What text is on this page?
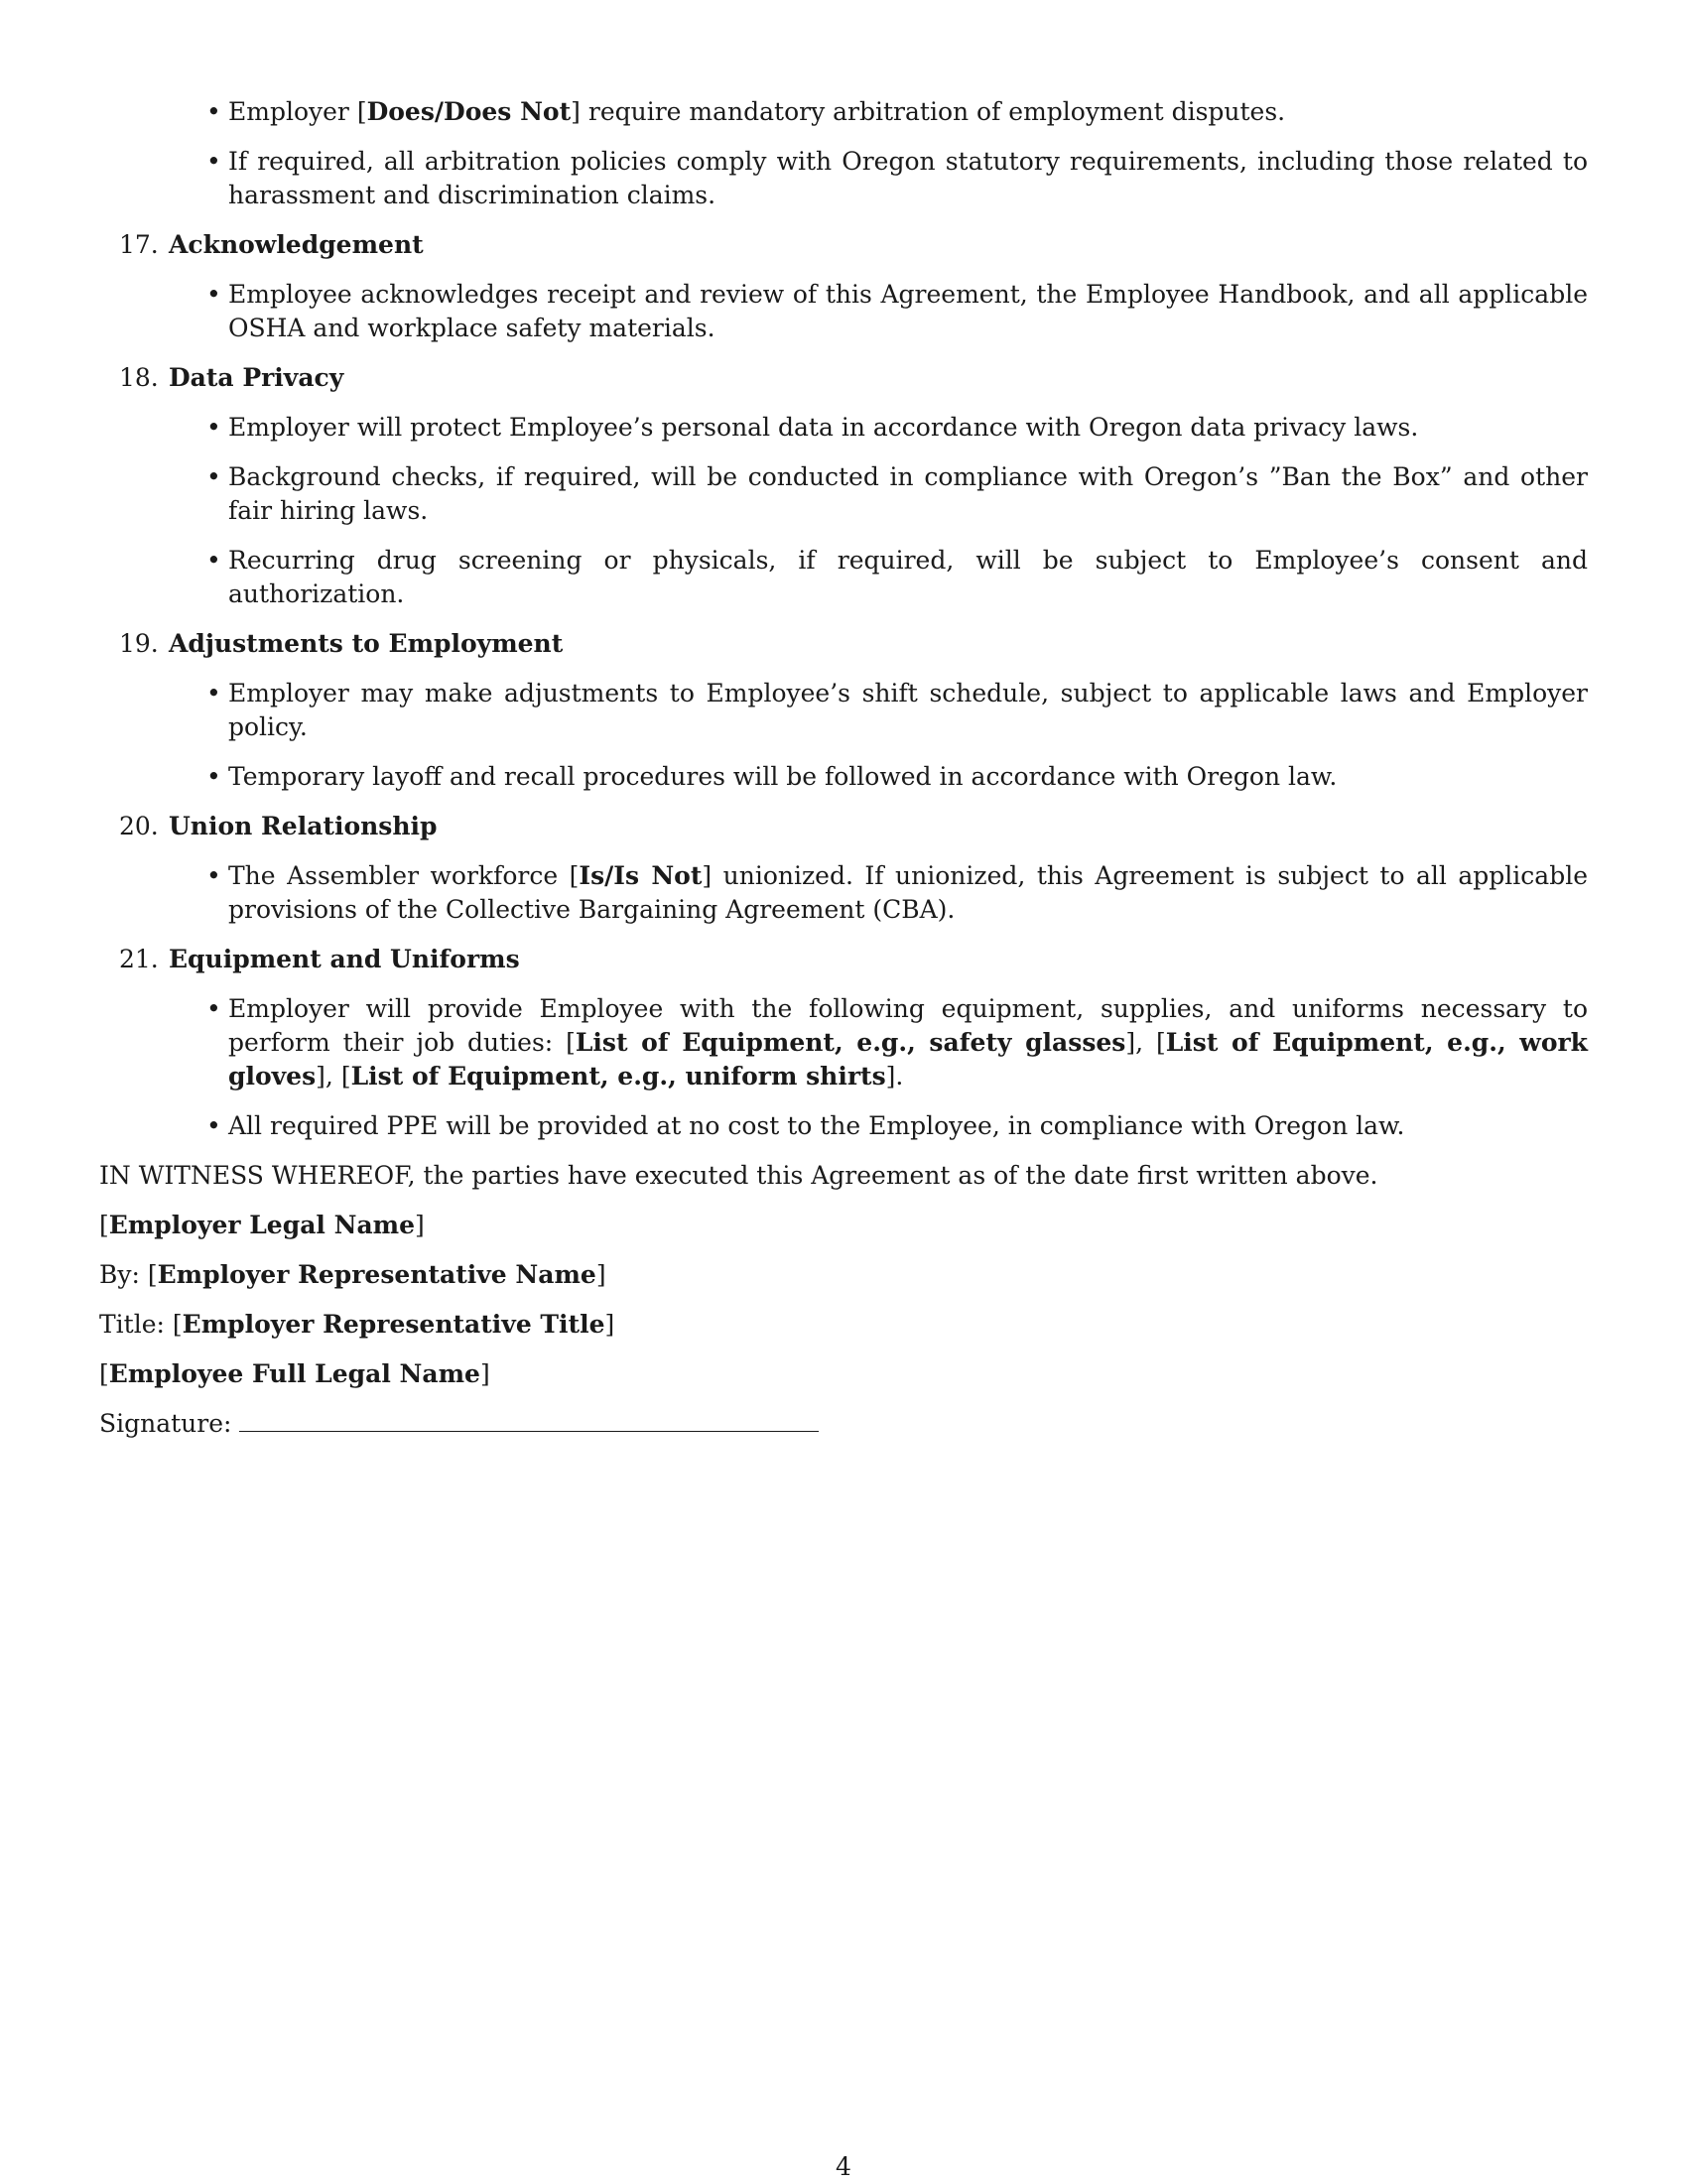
• Employer [Does/Does Not] require mandatory arbitration of employment disputes.
• If required, all arbitration policies comply with Oregon statutory requirements, including those related to harassment and discrimination claims.
17. Acknowledgement
• Employee acknowledges receipt and review of this Agreement, the Employee Handbook, and all applicable OSHA and workplace safety materials.
18. Data Privacy
• Employer will protect Employee’s personal data in accordance with Oregon data privacy laws.
• Background checks, if required, will be conducted in compliance with Oregon’s ”Ban the Box” and other fair hiring laws.
• Recurring drug screening or physicals, if required, will be subject to Employee’s consent and authorization.
19. Adjustments to Employment
• Employer may make adjustments to Employee’s shift schedule, subject to applicable laws and Employer policy.
• Temporary layoff and recall procedures will be followed in accordance with Oregon law.
20. Union Relationship
• The Assembler workforce [Is/Is Not] unionized. If unionized, this Agreement is subject to all applicable provisions of the Collective Bargaining Agreement (CBA).
21. Equipment and Uniforms
• Employer will provide Employee with the following equipment, supplies, and uniforms necessary to perform their job duties: [List of Equipment, e.g., safety glasses], [List of Equipment, e.g., work gloves], [List of Equipment, e.g., uniform shirts].
• All required PPE will be provided at no cost to the Employee, in compliance with Oregon law.

IN WITNESS WHEREOF, the parties have executed this Agreement as of the date first written above.

[Employer Legal Name]

By: [Employer Representative Name]

Title: [Employer Representative Title]

[Employee Full Legal Name]

Signature:

4
